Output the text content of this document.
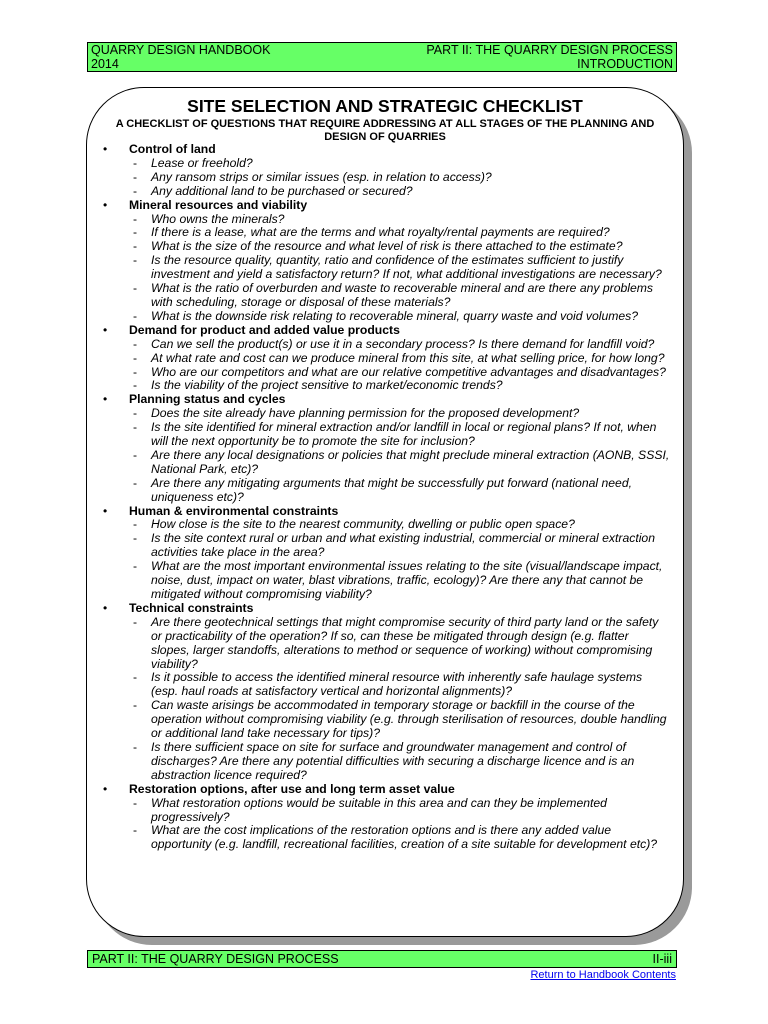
QUARRY DESIGN HANDBOOK	PART II: THE QUARRY DESIGN PROCESS
2014	INTRODUCTION
SITE SELECTION AND STRATEGIC CHECKLIST
A CHECKLIST OF QUESTIONS THAT REQUIRE ADDRESSING AT ALL STAGES OF THE PLANNING AND DESIGN OF QUARRIES
• Control of land
- Lease or freehold?
- Any ransom strips or similar issues (esp. in relation to access)?
- Any additional land to be purchased or secured?
• Mineral resources and viability
- Who owns the minerals?
- If there is a lease, what are the terms and what royalty/rental payments are required?
- What is the size of the resource and what level of risk is there attached to the estimate?
- Is the resource quality, quantity, ratio and confidence of the estimates sufficient to justify investment and yield a satisfactory return? If not, what additional investigations are necessary?
- What is the ratio of overburden and waste to recoverable mineral and are there any problems with scheduling, storage or disposal of these materials?
- What is the downside risk relating to recoverable mineral, quarry waste and void volumes?
• Demand for product and added value products
- Can we sell the product(s) or use it in a secondary process? Is there demand for landfill void?
- At what rate and cost can we produce mineral from this site, at what selling price, for how long?
- Who are our competitors and what are our relative competitive advantages and disadvantages?
- Is the viability of the project sensitive to market/economic trends?
• Planning status and cycles
- Does the site already have planning permission for the proposed development?
- Is the site identified for mineral extraction and/or landfill in local or regional plans? If not, when will the next opportunity be to promote the site for inclusion?
- Are there any local designations or policies that might preclude mineral extraction (AONB, SSSI, National Park, etc)?
- Are there any mitigating arguments that might be successfully put forward (national need, uniqueness etc)?
• Human & environmental constraints
- How close is the site to the nearest community, dwelling or public open space?
- Is the site context rural or urban and what existing industrial, commercial or mineral extraction activities take place in the area?
- What are the most important environmental issues relating to the site (visual/landscape impact, noise, dust, impact on water, blast vibrations, traffic, ecology)? Are there any that cannot be mitigated without compromising viability?
• Technical constraints
- Are there geotechnical settings that might compromise security of third party land or the safety or practicability of the operation? If so, can these be mitigated through design (e.g. flatter slopes, larger standoffs, alterations to method or sequence of working) without compromising viability?
- Is it possible to access the identified mineral resource with inherently safe haulage systems (esp. haul roads at satisfactory vertical and horizontal alignments)?
- Can waste arisings be accommodated in temporary storage or backfill in the course of the operation without compromising viability (e.g. through sterilisation of resources, double handling or additional land take necessary for tips)?
- Is there sufficient space on site for surface and groundwater management and control of discharges? Are there any potential difficulties with securing a discharge licence and is an abstraction licence required?
• Restoration options, after use and long term asset value
- What restoration options would be suitable in this area and can they be implemented progressively?
- What are the cost implications of the restoration options and is there any added value opportunity (e.g. landfill, recreational facilities, creation of a site suitable for development etc)?
PART II: THE QUARRY DESIGN PROCESS	II-iii
Return to Handbook Contents
